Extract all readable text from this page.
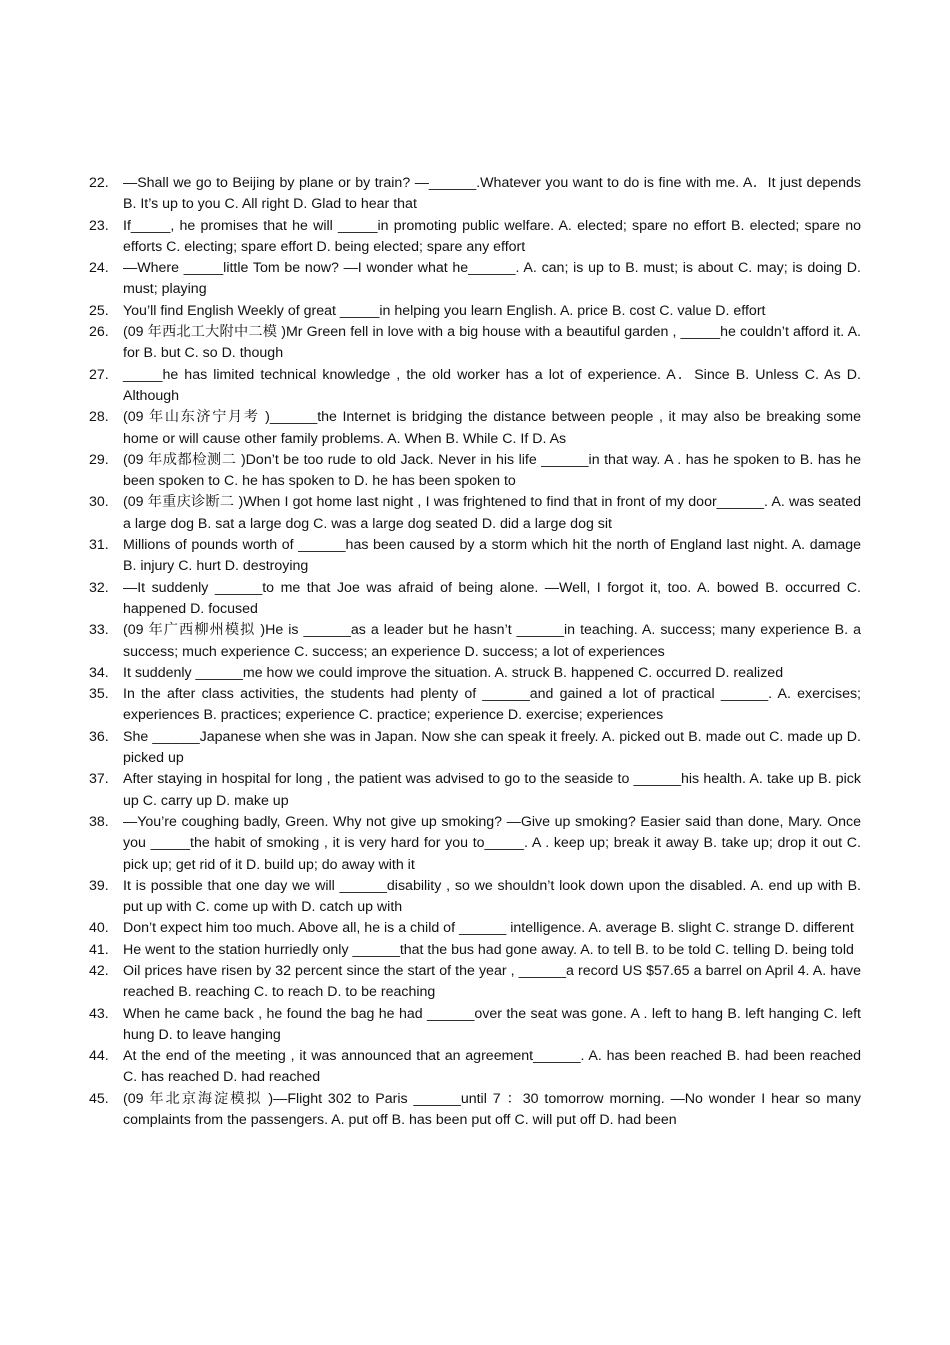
22. —Shall we go to Beijing by plane or by train? —______.Whatever you want to do is fine with me. A．It just depends B. It’s up to you C. All right D. Glad to hear that
23. If_____, he promises that he will _____in promoting public welfare. A. elected; spare no effort B. elected; spare no efforts C. electing; spare effort D. being elected; spare any effort
24. —Where _____little Tom be now? —I wonder what he______. A. can; is up to B. must; is about C. may; is doing D. must; playing
25. You’ll find English Weekly of great _____in helping you learn English. A. price B. cost C. value D. effort
26. (09 年西北工大附中二模 )Mr Green fell in love with a big house with a beautiful garden , _____he couldn’t afford it. A. for B. but C. so D. though
27. _____he has limited technical knowledge , the old worker has a lot of experience. A．Since B. Unless C. As D. Although
28. (09 年山东济宁月考 )______the Internet is bridging the distance between people , it may also be breaking some home or will cause other family problems. A. When B. While C. If D. As
29. (09 年成都检测二 )Don’t be too rude to old Jack. Never in his life ______in that way. A . has he spoken to B. has he been spoken to C. he has spoken to D. he has been spoken to
30. (09 年重庆诊断二 )When I got home last night , I was frightened to find that in front of my door______. A. was seated a large dog B. sat a large dog C. was a large dog seated D. did a large dog sit
31. Millions of pounds worth of ______has been caused by a storm which hit the north of England last night. A. damage B. injury C. hurt D. destroying
32. —It suddenly ______to me that Joe was afraid of being alone. —Well, I forgot it, too. A. bowed B. occurred C. happened D. focused
33. (09 年广西柳州模拟 )He is ______as a leader but he hasn’t ______in teaching. A. success; many experience B. a success; much experience C. success; an experience D. success; a lot of experiences
34. It suddenly ______me how we could improve the situation. A. struck B. happened C. occurred D. realized
35. In the after class activities, the students had plenty of ______and gained a lot of practical ______. A. exercises; experiences B. practices; experience C. practice; experience D. exercise; experiences
36. She ______Japanese when she was in Japan. Now she can speak it freely. A. picked out B. made out C. made up D. picked up
37. After staying in hospital for long , the patient was advised to go to the seaside to ______his health. A. take up B. pick up C. carry up D. make up
38. —You’re coughing badly, Green. Why not give up smoking? —Give up smoking? Easier said than done, Mary. Once you _____the habit of smoking , it is very hard for you to_____. A . keep up; break it away B. take up; drop it out C. pick up; get rid of it D. build up; do away with it
39. It is possible that one day we will ______disability , so we shouldn’t look down upon the disabled. A. end up with B. put up with C. come up with D. catch up with
40. Don’t expect him too much. Above all, he is a child of ______ intelligence. A. average B. slight C. strange D. different
41. He went to the station hurriedly only ______that the bus had gone away. A. to tell B. to be told C. telling D. being told
42. Oil prices have risen by 32 percent since the start of the year , ______a record US $57.65 a barrel on April 4. A. have reached B. reaching C. to reach D. to be reaching
43. When he came back , he found the bag he had ______over the seat was gone. A . left to hang B. left hanging C. left hung D. to leave hanging
44. At the end of the meeting , it was announced that an agreement______. A. has been reached B. had been reached C. has reached D. had reached
45. (09 年北京海淀模拟 )—Flight 302 to Paris ______until 7 ：30 tomorrow morning. —No wonder I hear so many complaints from the passengers. A. put off B. has been put off C. will put off D. had been
